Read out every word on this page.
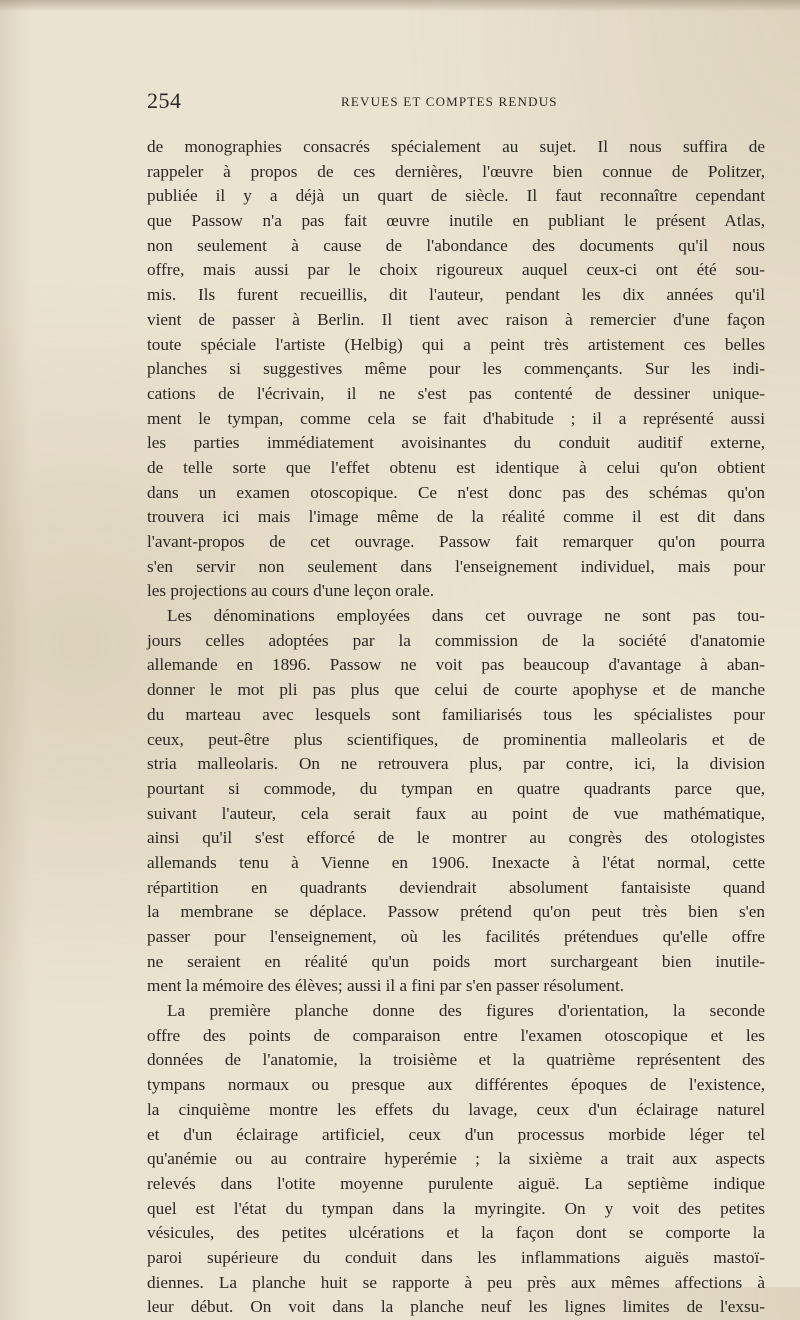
254	REVUES ET COMPTES RENDUS
de monographies consacrés spécialement au sujet. Il nous suffira de
rappeler à propos de ces dernières, l'œuvre bien connue de Politzer,
publiée il y a déjà un quart de siècle. Il faut reconnaître cependant
que Passow n'a pas fait œuvre inutile en publiant le présent Atlas,
non seulement à cause de l'abondance des documents qu'il nous
offre, mais aussi par le choix rigoureux auquel ceux-ci ont été sou-
mis. Ils furent recueillis, dit l'auteur, pendant les dix années qu'il
vient de passer à Berlin. Il tient avec raison à remercier d'une façon
toute spéciale l'artiste (Helbig) qui a peint très artistement ces belles
planches si suggestives même pour les commençants. Sur les indi-
cations de l'écrivain, il ne s'est pas contenté de dessiner unique-
ment le tympan, comme cela se fait d'habitude ; il a représenté aussi
les parties immédiatement avoisinantes du conduit auditif externe,
de telle sorte que l'effet obtenu est identique à celui qu'on obtient
dans un examen otoscopique. Ce n'est donc pas des schémas qu'on
trouvera ici mais l'image même de la réalité comme il est dit dans
l'avant-propos de cet ouvrage. Passow fait remarquer qu'on pourra
s'en servir non seulement dans l'enseignement individuel, mais pour
les projections au cours d'une leçon orale.
Les dénominations employées dans cet ouvrage ne sont pas tou-
jours celles adoptées par la commission de la société d'anatomie
allemande en 1896. Passow ne voit pas beaucoup d'avantage à aban-
donner le mot pli pas plus que celui de courte apophyse et de manche
du marteau avec lesquels sont familiarisés tous les spécialistes pour
ceux, peut-être plus scientifiques, de prominentia malleolaris et de
stria malleolaris. On ne retrouvera plus, par contre, ici, la division
pourtant si commode, du tympan en quatre quadrants parce que,
suivant l'auteur, cela serait faux au point de vue mathématique,
ainsi qu'il s'est efforcé de le montrer au congrès des otologistes
allemands tenu à Vienne en 1906. Inexacte à l'état normal, cette
répartition en quadrants deviendrait absolument fantaisiste quand
la membrane se déplace. Passow prétend qu'on peut très bien s'en
passer pour l'enseignement, où les facilités prétendues qu'elle offre
ne seraient en réalité qu'un poids mort surchargeant bien inutile-
ment la mémoire des élèves; aussi il a fini par s'en passer résolument.
La première planche donne des figures d'orientation, la seconde
offre des points de comparaison entre l'examen otoscopique et les
données de l'anatomie, la troisième et la quatrième représentent des
tympans normaux ou presque aux différentes époques de l'existence,
la cinquième montre les effets du lavage, ceux d'un éclairage naturel
et d'un éclairage artificiel, ceux d'un processus morbide léger tel
qu'anémie ou au contraire hyperémie ; la sixième a trait aux aspects
relevés dans l'otite moyenne purulente aiguë. La septième indique
quel est l'état du tympan dans la myringite. On y voit des petites
vésicules, des petites ulcérations et la façon dont se comporte la
paroi supérieure du conduit dans les inflammations aiguës mastoï-
diennes. La planche huit se rapporte à peu près aux mêmes affections à
leur début. On voit dans la planche neuf les lignes limites de l'exsu-
